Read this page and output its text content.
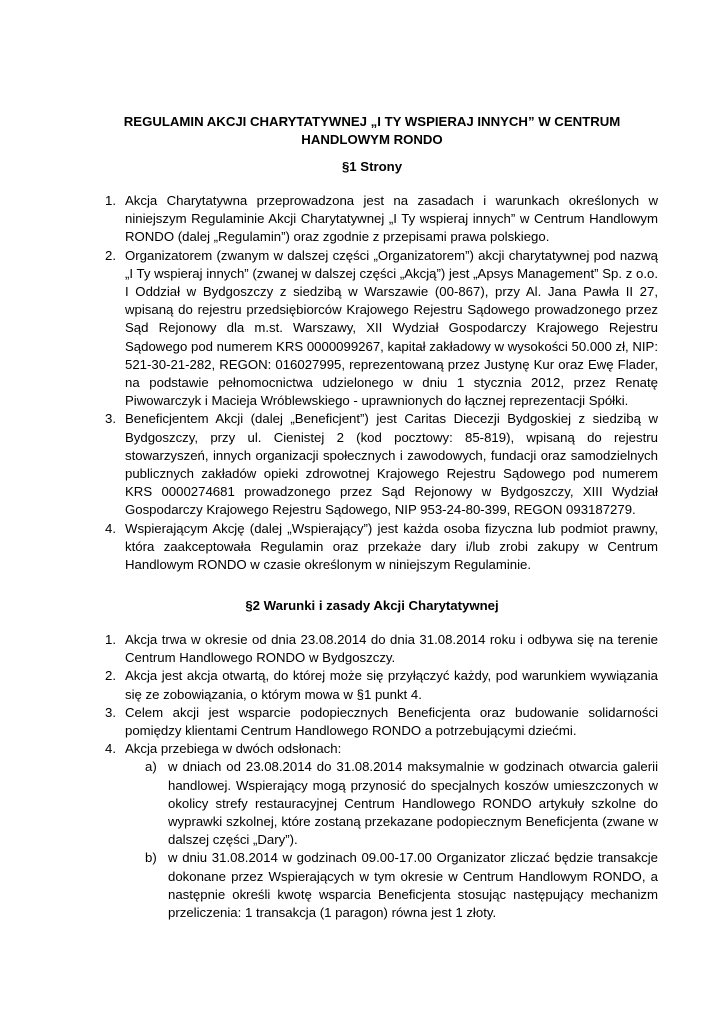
REGULAMIN AKCJI CHARYTATYWNEJ „I TY WSPIERAJ INNYCH” W CENTRUM HANDLOWYM RONDO
§1 Strony
1. Akcja Charytatywna przeprowadzona jest na zasadach i warunkach określonych w niniejszym Regulaminie Akcji Charytatywnej „I Ty wspieraj innych” w Centrum Handlowym RONDO (dalej „Regulamin”) oraz zgodnie z przepisami prawa polskiego.
2. Organizatorem (zwanym w dalszej części „Organizatorem”) akcji charytatywnej pod nazwą „I Ty wspieraj innych” (zwanej w dalszej części „Akcją”) jest „Apsys Management” Sp. z o.o. I Oddział w Bydgoszczy z siedzibą w Warszawie (00-867), przy Al. Jana Pawła II 27, wpisaną do rejestru przedsiębiorców Krajowego Rejestru Sądowego prowadzonego przez Sąd Rejonowy dla m.st. Warszawy, XII Wydział Gospodarczy Krajowego Rejestru Sądowego pod numerem KRS 0000099267, kapitał zakładowy w wysokości 50.000 zł, NIP: 521-30-21-282, REGON: 016027995, reprezentowaną przez Justynę Kur oraz Ewę Flader, na podstawie pełnomocnictwa udzielonego w dniu 1 stycznia 2012, przez Renatę Piwowarczyk i Macieja Wróblewskiego - uprawnionych do łącznej reprezentacji Spółki.
3. Beneficjentem Akcji (dalej „Beneficjent”) jest Caritas Diecezji Bydgoskiej z siedzibą w Bydgoszczy, przy ul. Cienistej 2 (kod pocztowy: 85-819), wpisaną do rejestru stowarzyszeń, innych organizacji społecznych i zawodowych, fundacji oraz samodzielnych publicznych zakładów opieki zdrowotnej Krajowego Rejestru Sądowego pod numerem KRS 0000274681 prowadzonego przez Sąd Rejonowy w Bydgoszczy, XIII Wydział Gospodarczy Krajowego Rejestru Sądowego, NIP 953-24-80-399, REGON 093187279.
4. Wspierającym Akcję (dalej „Wspierający”) jest każda osoba fizyczna lub podmiot prawny, która zaakceptowała Regulamin oraz przekaże dary i/lub zrobi zakupy w Centrum Handlowym RONDO w czasie określonym w niniejszym Regulaminie.
§2 Warunki i zasady Akcji Charytatywnej
1. Akcja trwa w okresie od dnia 23.08.2014 do dnia 31.08.2014 roku i odbywa się na terenie Centrum Handlowego RONDO w Bydgoszczy.
2. Akcja jest akcja otwartą, do której może się przyłączyć każdy, pod warunkiem wywiązania się ze zobowiązania, o którym mowa w §1 punkt 4.
3. Celem akcji jest wsparcie podopiecznych Beneficjenta oraz budowanie solidarności pomiędzy klientami Centrum Handlowego RONDO a potrzebującymi dziećmi.
4. Akcja przebiega w dwóch odsłonach:
a) w dniach od 23.08.2014 do 31.08.2014 maksymalnie w godzinach otwarcia galerii handlowej. Wspierający mogą przynosić do specjalnych koszów umieszczonych w okolicy strefy restauracyjnej Centrum Handlowego RONDO artykuły szkolne do wyprawki szkolnej, które zostaną przekazane podopiecznym Beneficjenta (zwane w dalszej części „Dary”).
b) w dniu 31.08.2014 w godzinach 09.00-17.00 Organizator zliczać będzie transakcje dokonane przez Wspierających w tym okresie w Centrum Handlowym RONDO, a następnie określi kwotę wsparcia Beneficjenta stosując następujący mechanizm przeliczenia: 1 transakcja (1 paragon) równa jest 1 złoty.
